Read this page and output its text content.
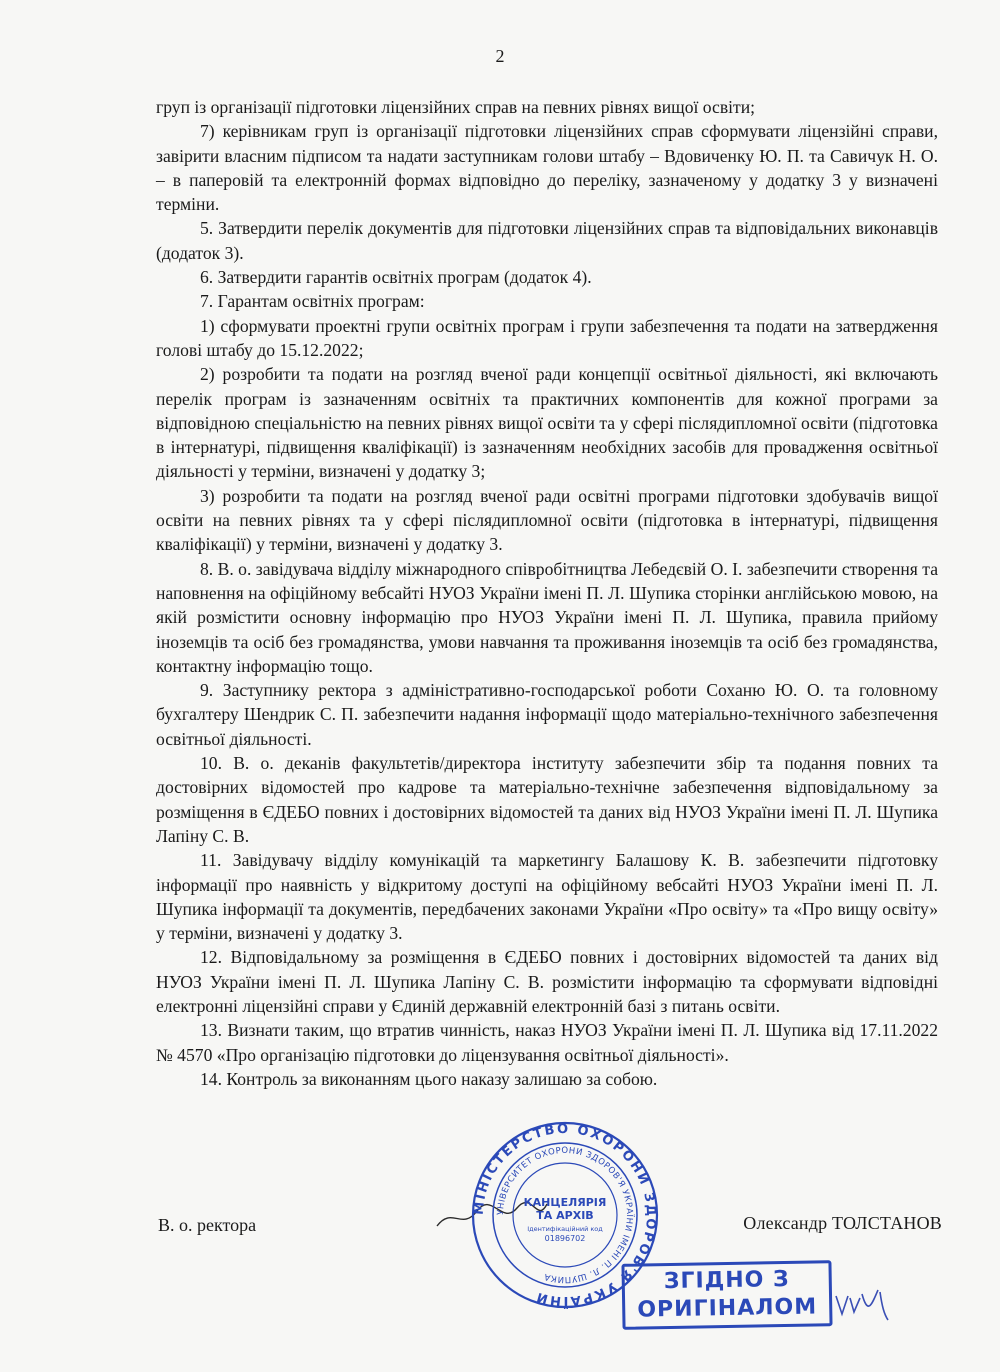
2

груп із організації підготовки ліцензійних справ на певних рівнях вищої освіти;

7) керівникам груп із організації підготовки ліцензійних справ сформувати ліцензійні справи, завірити власним підписом та надати заступникам голови штабу – Вдовиченку Ю. П. та Савичук Н. О. – в паперовій та електронній формах відповідно до переліку, зазначеному у додатку 3 у визначені терміни.

5. Затвердити перелік документів для підготовки ліцензійних справ та відповідальних виконавців (додаток 3).

6. Затвердити гарантів освітніх програм (додаток 4).

7. Гарантам освітніх програм:

1) сформувати проектні групи освітніх програм і групи забезпечення та подати на затвердження голові штабу до 15.12.2022;

2) розробити та подати на розгляд вченої ради концепції освітньої діяльності, які включають перелік програм із зазначенням освітніх та практичних компонентів для кожної програми за відповідною спеціальністю на певних рівнях вищої освіти та у сфері післядипломної освіти (підготовка в інтернатурі, підвищення кваліфікації) із зазначенням необхідних засобів для провадження освітньої діяльності у терміни, визначені у додатку 3;

3) розробити та подати на розгляд вченої ради освітні програми підготовки здобувачів вищої освіти на певних рівнях та у сфері післядипломної освіти (підготовка в інтернатурі, підвищення кваліфікації) у терміни, визначені у додатку 3.

8. В. о. завідувача відділу міжнародного співробітництва Лебедєвій О. І. забезпечити створення та наповнення на офіційному вебсайті НУОЗ України імені П. Л. Шупика сторінки англійською мовою, на якій розмістити основну інформацію про НУОЗ України імені П. Л. Шупика, правила прийому іноземців та осіб без громадянства, умови навчання та проживання іноземців та осіб без громадянства, контактну інформацію тощо.

9. Заступнику ректора з адміністративно-господарської роботи Соханю Ю. О. та головному бухгалтеру Шендрик С. П. забезпечити надання інформації щодо матеріально-технічного забезпечення освітньої діяльності.

10. В. о. деканів факультетів/директора інституту забезпечити збір та подання повних та достовірних відомостей про кадрове та матеріально-технічне забезпечення відповідальному за розміщення в ЄДЕБО повних і достовірних відомостей та даних від НУОЗ України імені П. Л. Шупика Лапіну С. В.

11. Завідувачу відділу комунікацій та маркетингу Балашову К. В. забезпечити підготовку інформації про наявність у відкритому доступі на офіційному вебсайті НУОЗ України імені П. Л. Шупика інформації та документів, передбачених законами України «Про освіту» та «Про вищу освіту» у терміни, визначені у додатку 3.

12. Відповідальному за розміщення в ЄДЕБО повних і достовірних відомостей та даних від НУОЗ України імені П. Л. Шупика Лапіну С. В. розмістити інформацію та сформувати відповідні електронні ліцензійні справи у Єдиній державній електронній базі з питань освіти.

13. Визнати таким, що втратив чинність, наказ НУОЗ України імені П. Л. Шупика від 17.11.2022 № 4570 «Про організацію підготовки до ліцензування освітньої діяльності».

14. Контроль за виконанням цього наказу залишаю за собою.

В. о. ректора	Олександр ТОЛСТАНОВ
МІНІСТЕРСТВО ОХОРОНИ ЗДОРОВ'Я УКРАЇНИ
УНІВЕРСИТЕТ ОХОРОНИ ЗДОРОВ'Я УКРАЇНИ ІМЕНІ П. Л. ШУПИКА
КАНЦЕЛЯРІЯ
ТА АРХІВ
Ідентифікаційний код
01896702
ЗГІДНО З
ОРИГІНАЛОМ
